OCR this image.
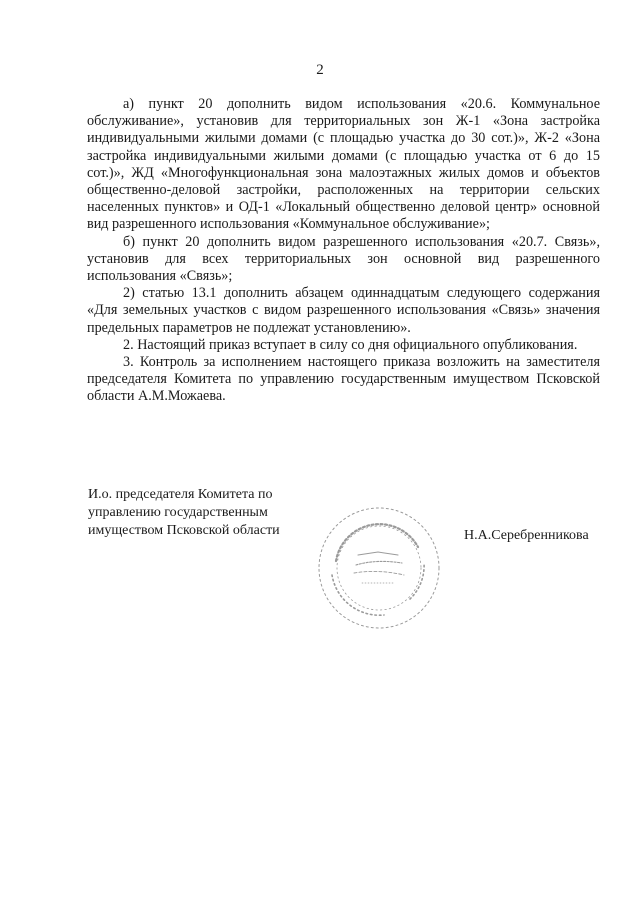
2

а) пункт 20 дополнить видом использования «20.6. Коммунальное обслуживание», установив для территориальных зон Ж-1 «Зона застройка индивидуальными жилыми домами (с площадью участка до 30 сот.)», Ж-2 «Зона застройка индивидуальными жилыми домами (с площадью участка от 6 до 15 сот.)», ЖД «Многофункциональная зона малоэтажных жилых домов и объектов общественно-деловой застройки, расположенных на территории сельских населенных пунктов» и ОД-1 «Локальный общественно деловой центр» основной вид разрешенного использования «Коммунальное обслуживание»;

б) пункт 20 дополнить видом разрешенного использования «20.7. Связь», установив для всех территориальных зон основной вид разрешенного использования «Связь»;

2) статью 13.1 дополнить абзацем одиннадцатым следующего содержания «Для земельных участков с видом разрешенного использования «Связь» значения предельных параметров не подлежат установлению».

2. Настоящий приказ вступает в силу со дня официального опубликования.

3. Контроль за исполнением настоящего приказа возложить на заместителя председателя Комитета по управлению государственным имуществом Псковской области А.М.Можаева.

И.о. председателя Комитета по
управлению государственным
имуществом Псковской области	Н.А.Серебренникова
